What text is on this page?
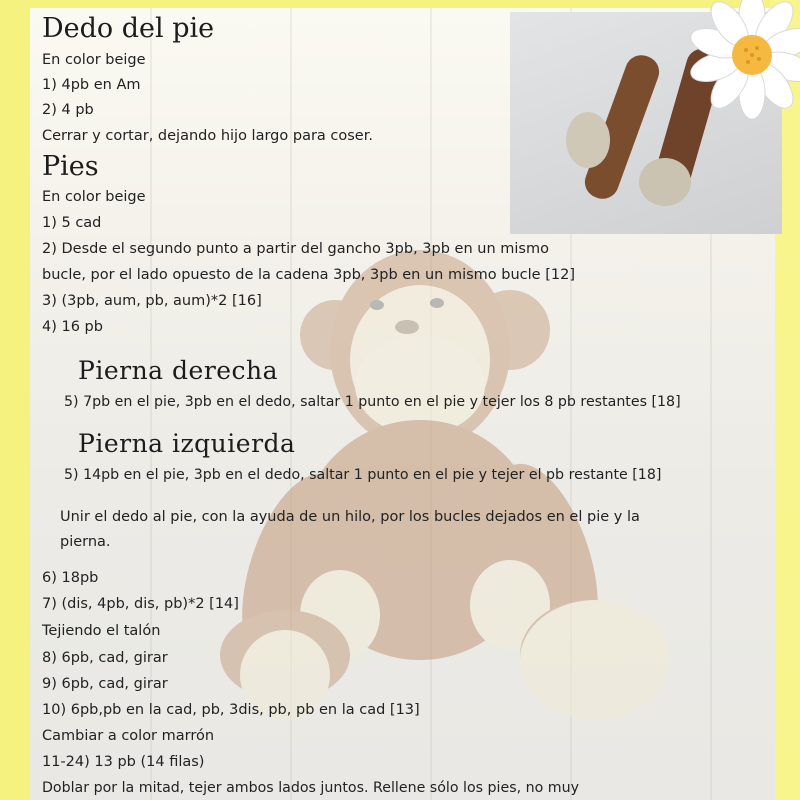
Dedo del pie
En color beige
1) 4pb en Am
2) 4 pb
Cerrar y cortar, dejando hijo largo para coser.
Pies
En color beige
1) 5 cad
2) Desde el segundo punto a partir del gancho 3pb, 3pb en un mismo
bucle, por el lado opuesto de la cadena 3pb, 3pb en un mismo bucle [12]
3) (3pb, aum, pb, aum)*2 [16]
4) 16 pb
Pierna derecha
5) 7pb en el pie, 3pb en el dedo, saltar 1 punto en el pie y tejer los 8 pb restantes [18]
Pierna izquierda
5) 14pb en el pie, 3pb en el dedo, saltar 1 punto en el pie y tejer el pb restante [18]
Unir el dedo al pie, con la ayuda de un hilo, por los bucles dejados en el pie y la
pierna.
6) 18pb
7) (dis, 4pb, dis, pb)*2 [14]
Tejiendo el talón
8) 6pb, cad, girar
9) 6pb, cad, girar
10) 6pb,pb en la cad, pb, 3dis, pb, pb en la cad [13]
Cambiar a color marrón
11-24) 13 pb (14 filas)
Doblar por la mitad, tejer ambos lados juntos. Rellene sólo los pies, no muy
